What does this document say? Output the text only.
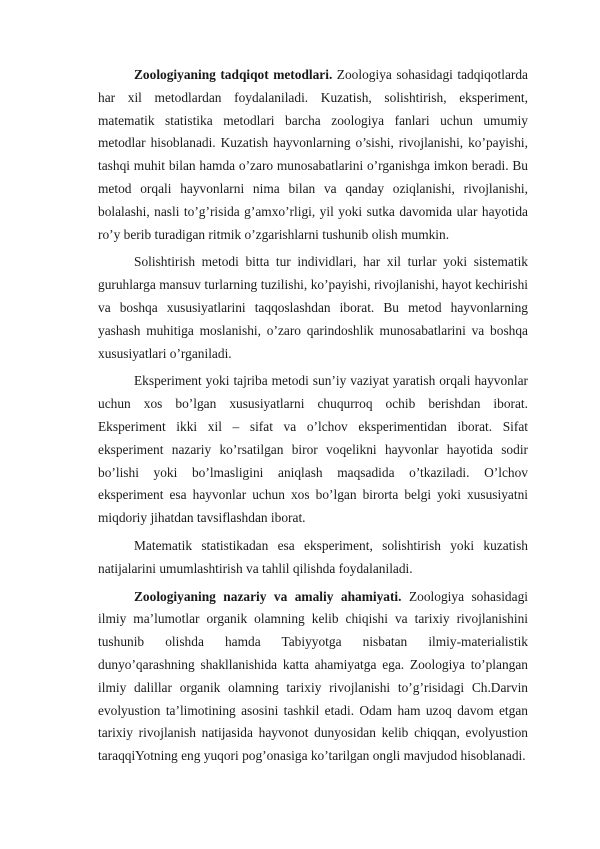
Zoologiyaning tadqiqot metodlari. Zoologiya sohasidagi tadqiqotlarda har xil metodlardan foydalaniladi. Kuzatish, solishtirish, eksperiment, matematik statistika metodlari barcha zoologiya fanlari uchun umumiy metodlar hisoblanadi. Kuzatish hayvonlarning o’sishi, rivojlanishi, ko’payishi, tashqi muhit bilan hamda o’zaro munosabatlarini o’rganishga imkon beradi. Bu metod orqali hayvonlarni nima bilan va qanday oziqlanishi, rivojlanishi, bolalashi, nasli to’g’risida g’amxo’rligi, yil yoki sutka davomida ular hayotida ro’y berib turadigan ritmik o’zgarishlarni tushunib olish mumkin.

Solishtirish metodi bitta tur individlari, har xil turlar yoki sistematik guruhlarga mansuv turlarning tuzilishi, ko’payishi, rivojlanishi, hayot kechirishi va boshqa xususiyatlarini taqqoslashdan iborat. Bu metod hayvonlarning yashash muhitiga moslanishi, o’zaro qarindoshlik munosabatlarini va boshqa xususiyatlari o’rganiladi.

Eksperiment yoki tajriba metodi sun’iy vaziyat yaratish orqali hayvonlar uchun xos bo’lgan xususiyatlarni chuqurroq ochib berishdan iborat. Eksperiment ikki xil – sifat va o’lchov eksperimentidan iborat. Sifat eksperiment nazariy ko’rsatilgan biror voqelikni hayvonlar hayotida sodir bo’lishi yoki bo’lmasligini aniqlash maqsadida o’tkaziladi. O’lchov eksperiment esa hayvonlar uchun xos bo’lgan birorta belgi yoki xususiyatni miqdoriy jihatdan tavsiflashdan iborat.

Matematik statistikadan esa eksperiment, solishtirish yoki kuzatish natijalarini umumlashtirish va tahlil qilishda foydalaniladi.

Zoologiyaning nazariy va amaliy ahamiyati. Zoologiya sohasidagi ilmiy ma’lumotlar organik olamning kelib chiqishi va tarixiy rivojlanishini tushunib olishda hamda Tabiyyotga nisbatan ilmiy-materialistik dunyo’qarashning shakllanishida katta ahamiyatga ega. Zoologiya to’plangan ilmiy dalillar organik olamning tarixiy rivojlanishi to’g’risidagi Ch.Darvin evolyustion ta’limotining asosini tashkil etadi. Odam ham uzoq davom etgan tarixiy rivojlanish natijasida hayvonot dunyosidan kelib chiqqan, evolyustion taraqqiYotning eng yuqori pog’onasiga ko’tarilgan ongli mavjudod hisoblanadi.
